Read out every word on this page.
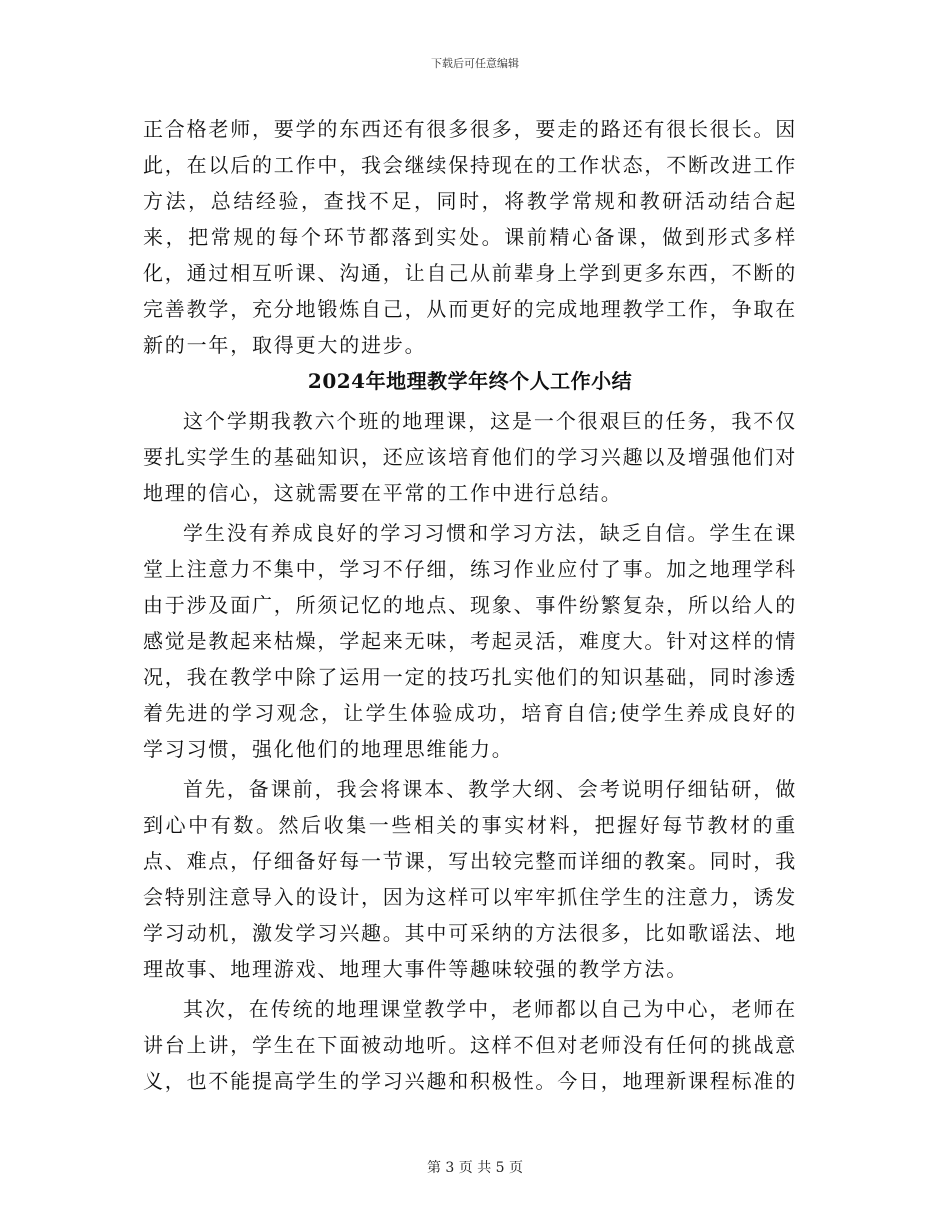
下载后可任意编辑

正合格老师，要学的东西还有很多很多，要走的路还有很长很长。因此，在以后的工作中，我会继续保持现在的工作状态，不断改进工作方法，总结经验，查找不足，同时，将教学常规和教研活动结合起来，把常规的每个环节都落到实处。课前精心备课，做到形式多样化，通过相互听课、沟通，让自己从前辈身上学到更多东西，不断的完善教学，充分地锻炼自己，从而更好的完成地理教学工作，争取在新的一年，取得更大的进步。

2024年地理教学年终个人工作小结

这个学期我教六个班的地理课，这是一个很艰巨的任务，我不仅要扎实学生的基础知识，还应该培育他们的学习兴趣以及增强他们对地理的信心，这就需要在平常的工作中进行总结。

学生没有养成良好的学习习惯和学习方法，缺乏自信。学生在课堂上注意力不集中，学习不仔细，练习作业应付了事。加之地理学科由于涉及面广，所须记忆的地点、现象、事件纷繁复杂，所以给人的感觉是教起来枯燥，学起来无味，考起灵活，难度大。针对这样的情况，我在教学中除了运用一定的技巧扎实他们的知识基础，同时渗透着先进的学习观念，让学生体验成功，培育自信;使学生养成良好的学习习惯，强化他们的地理思维能力。

首先，备课前，我会将课本、教学大纲、会考说明仔细钻研，做到心中有数。然后收集一些相关的事实材料，把握好每节教材的重点、难点，仔细备好每一节课，写出较完整而详细的教案。同时，我会特别注意导入的设计，因为这样可以牢牢抓住学生的注意力，诱发学习动机，激发学习兴趣。其中可采纳的方法很多，比如歌谣法、地理故事、地理游戏、地理大事件等趣味较强的教学方法。

其次，在传统的地理课堂教学中，老师都以自己为中心，老师在讲台上讲，学生在下面被动地听。这样不但对老师没有任何的挑战意义，也不能提高学生的学习兴趣和积极性。今日，地理新课程标准的

第 3 页 共 5 页
